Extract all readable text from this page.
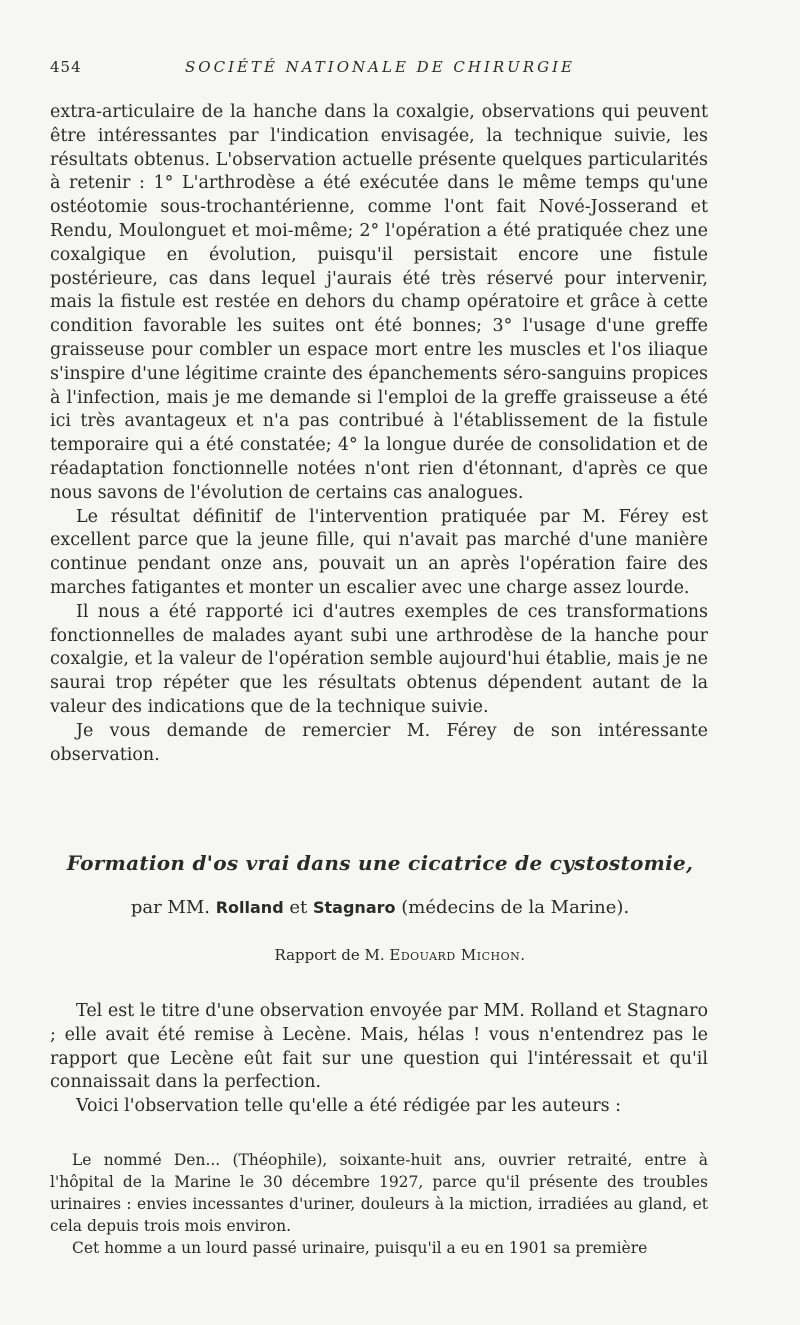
454	SOCIÉTÉ NATIONALE DE CHIRURGIE

extra-articulaire de la hanche dans la coxalgie, observations qui peuvent être intéressantes par l'indication envisagée, la technique suivie, les résultats obtenus. L'observation actuelle présente quelques particularités à retenir : 1° L'arthrodèse a été exécutée dans le même temps qu'une ostéotomie sous-trochantérienne, comme l'ont fait Nové-Josserand et Rendu, Moulonguet et moi-même; 2° l'opération a été pratiquée chez une coxalgique en évolution, puisqu'il persistait encore une fistule postérieure, cas dans lequel j'aurais été très réservé pour intervenir, mais la fistule est restée en dehors du champ opératoire et grâce à cette condition favorable les suites ont été bonnes; 3° l'usage d'une greffe graisseuse pour combler un espace mort entre les muscles et l'os iliaque s'inspire d'une légitime crainte des épanchements séro-sanguins propices à l'infection, mais je me demande si l'emploi de la greffe graisseuse a été ici très avantageux et n'a pas contribué à l'établissement de la fistule temporaire qui a été constatée; 4° la longue durée de consolidation et de réadaptation fonctionnelle notées n'ont rien d'étonnant, d'après ce que nous savons de l'évolution de certains cas analogues.

Le résultat définitif de l'intervention pratiquée par M. Férey est excellent parce que la jeune fille, qui n'avait pas marché d'une manière continue pendant onze ans, pouvait un an après l'opération faire des marches fatigantes et monter un escalier avec une charge assez lourde.

Il nous a été rapporté ici d'autres exemples de ces transformations fonctionnelles de malades ayant subi une arthrodèse de la hanche pour coxalgie, et la valeur de l'opération semble aujourd'hui établie, mais je ne saurai trop répéter que les résultats obtenus dépendent autant de la valeur des indications que de la technique suivie.

Je vous demande de remercier M. Férey de son intéressante observation.

Formation d'os vrai dans une cicatrice de cystostomie,
par MM. Rolland et Stagnaro (médecins de la Marine).
Rapport de M. Edouard Michon.

Tel est le titre d'une observation envoyée par MM. Rolland et Stagnaro ; elle avait été remise à Lecène. Mais, hélas ! vous n'entendrez pas le rapport que Lecène eût fait sur une question qui l'intéressait et qu'il connaissait dans la perfection.

Voici l'observation telle qu'elle a été rédigée par les auteurs :

Le nommé Den... (Théophile), soixante-huit ans, ouvrier retraité, entre à l'hôpital de la Marine le 30 décembre 1927, parce qu'il présente des troubles urinaires : envies incessantes d'uriner, douleurs à la miction, irradiées au gland, et cela depuis trois mois environ.

Cet homme a un lourd passé urinaire, puisqu'il a eu en 1901 sa première
